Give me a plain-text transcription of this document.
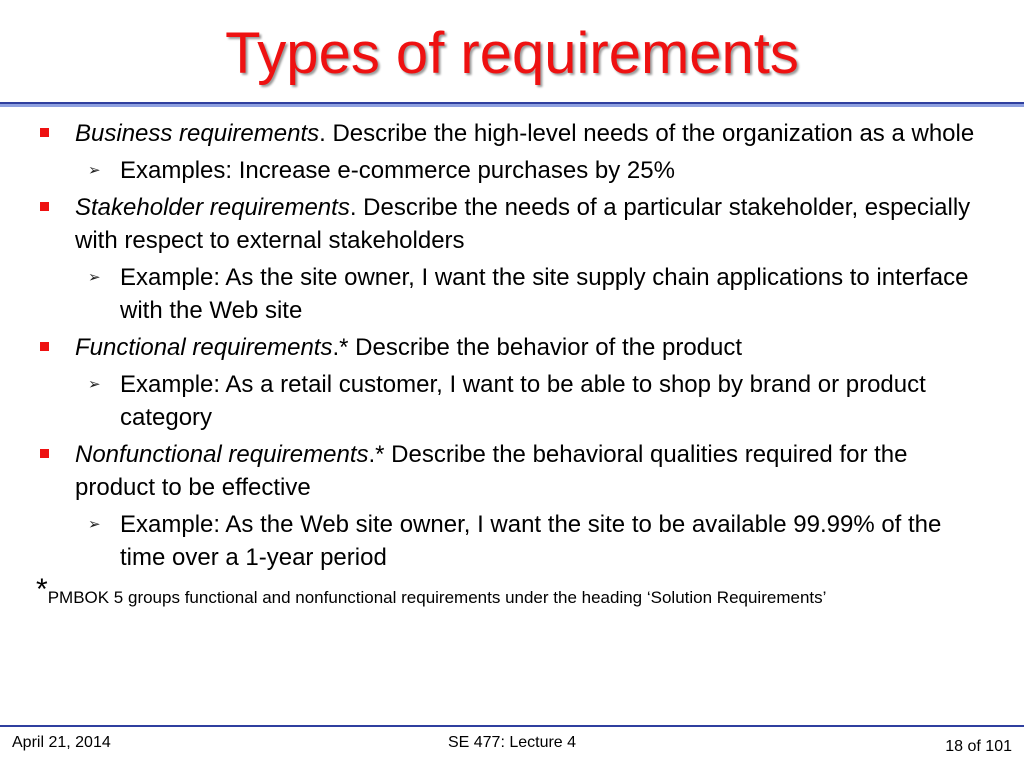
Types of requirements
Business requirements. Describe the high-level needs of the organization as a whole
➢ Examples: Increase e-commerce purchases by 25%
Stakeholder requirements. Describe the needs of a particular stakeholder, especially with respect to external stakeholders
➢ Example: As the site owner, I want the site supply chain applications to interface with the Web site
Functional requirements.* Describe the behavior of the product
➢ Example: As a retail customer, I want to be able to shop by brand or product category
Nonfunctional requirements.* Describe the behavioral qualities required for the product to be effective
➢ Example: As the Web site owner, I want the site to be available 99.99% of the time over a 1-year period
*PMBOK 5 groups functional and nonfunctional requirements under the heading ‘Solution Requirements’
April 21, 2014	SE 477: Lecture 4	18 of 101
